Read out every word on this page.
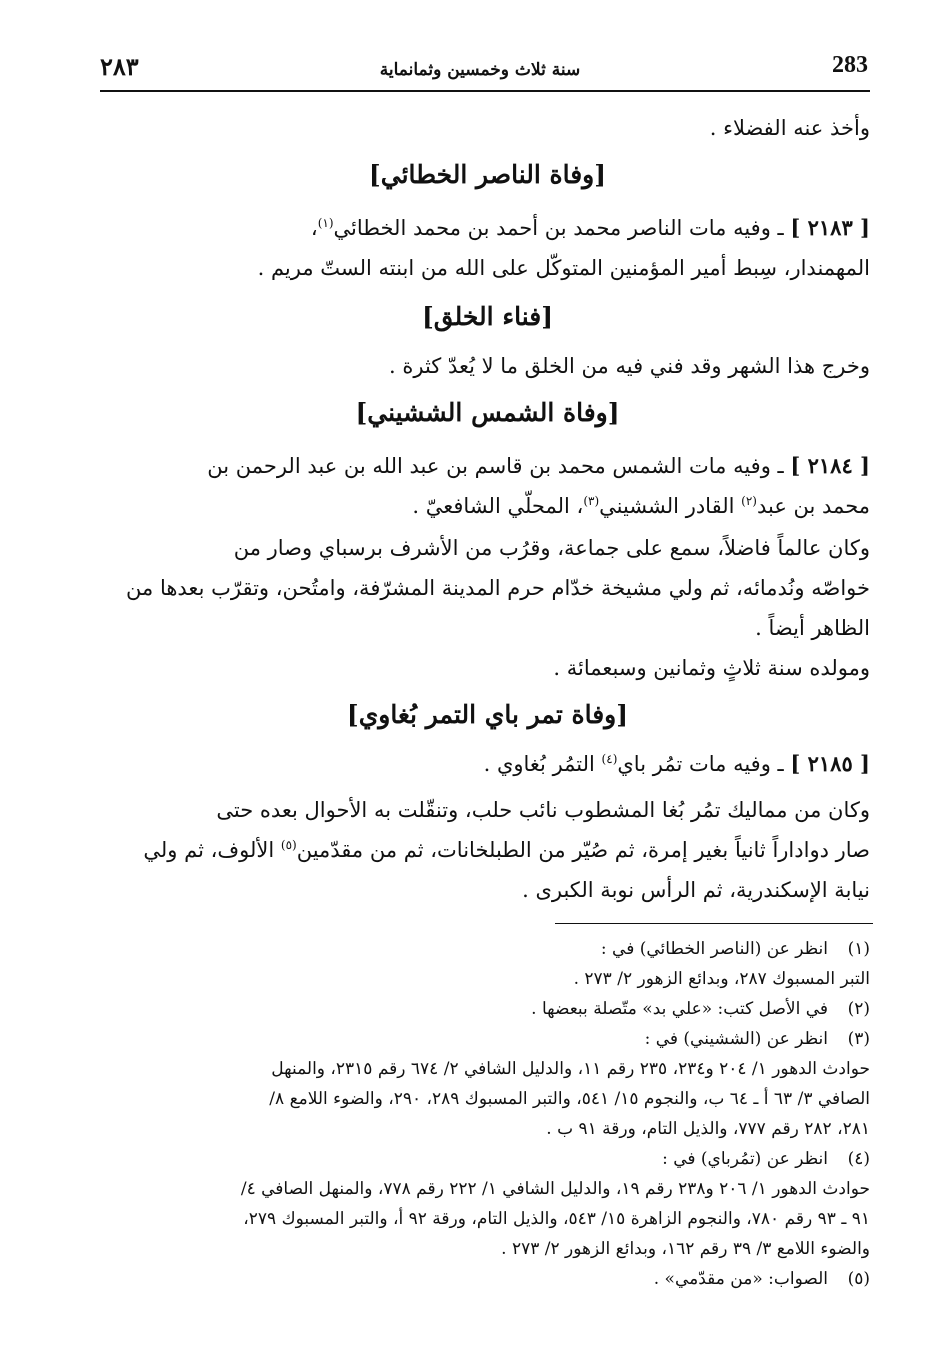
٢٨٣	سنة ثلاث وخمسين وثمانماية	283
وأخذ عنه الفضلاء .
[وفاة الناصر الخطائي]
[ ٢١٨٣ ] ـ وفيه مات الناصر محمد بن أحمد بن محمد الخطائي$^{(١)}$،
المهمندار، سِبط أمير المؤمنين المتوكّل على الله من ابنته الستّ مريم .
[فناء الخلق]
وخرج هذا الشهر وقد فني فيه من الخلق ما لا يُعدّ كثرة .
[وفاة الشمس الششيني]
[ ٢١٨٤ ] ـ وفيه مات الشمس محمد بن قاسم بن عبد الله بن عبد الرحمن بن
محمد بن عبد$^{(٢)}$ القادر الششيني$^{(٣)}$، المحلّي الشافعيّ .
وكان عالماً فاضلاً، سمع على جماعة، وقرُب من الأشرف برسباي وصار من
خواصّه ونُدمائه، ثم ولي مشيخة خدّام حرم المدينة المشرّفة، وامتُحن، وتقرّب بعدها من
الظاهر أيضاً .
ومولده سنة ثلاثٍ وثمانين وسبعمائة .
[وفاة تمر باي التمر بُغاوي]
[ ٢١٨٥ ] ـ وفيه مات تمُر باي$^{(٤)}$ التمُر بُغاوي .
وكان من مماليك تمُر بُغا المشطوب نائب حلب، وتنقّلت به الأحوال بعده حتى
صار دواداراً ثانياً بغير إمرة، ثم صُيّر من الطبلخانات، ثم من مقدّمين$^{(٥)}$ الألوف، ثم ولي
نيابة الإسكندرية، ثم الرأس نوبة الكبرى .
(١)انظر عن (الناصر الخطائي) في :
التبر المسبوك ٢٨٧، وبدائع الزهور ٢/ ٢٧٣ .
(٢)في الأصل كتب: «علي بد» متّصلة ببعضها .
(٣)انظر عن (الششيني) في :
حوادث الدهور ١/ ٢٠٤ و٢٣٤، ٢٣٥ رقم ١١، والدليل الشافي ٢/ ٦٧٤ رقم ٢٣١٥، والمنهل
الصافي ٣/ ٦٣ أ ـ ٦٤ ب، والنجوم ١٥/ ٥٤١، والتبر المسبوك ٢٨٩، ٢٩٠، والضوء اللامع ٨/
٢٨١، ٢٨٢ رقم ٧٧٧، والذيل التام، ورقة ٩١ ب .
(٤)انظر عن (تمُرباي) في :
حوادث الدهور ١/ ٢٠٦ و٢٣٨ رقم ١٩، والدليل الشافي ١/ ٢٢٢ رقم ٧٧٨، والمنهل الصافي ٤/
٩١ ـ ٩٣ رقم ٧٨٠، والنجوم الزاهرة ١٥/ ٥٤٣، والذيل التام، ورقة ٩٢ أ، والتبر المسبوك ٢٧٩،
والضوء اللامع ٣/ ٣٩ رقم ١٦٢، وبدائع الزهور ٢/ ٢٧٣ .
(٥)الصواب: «من مقدّمي» .
